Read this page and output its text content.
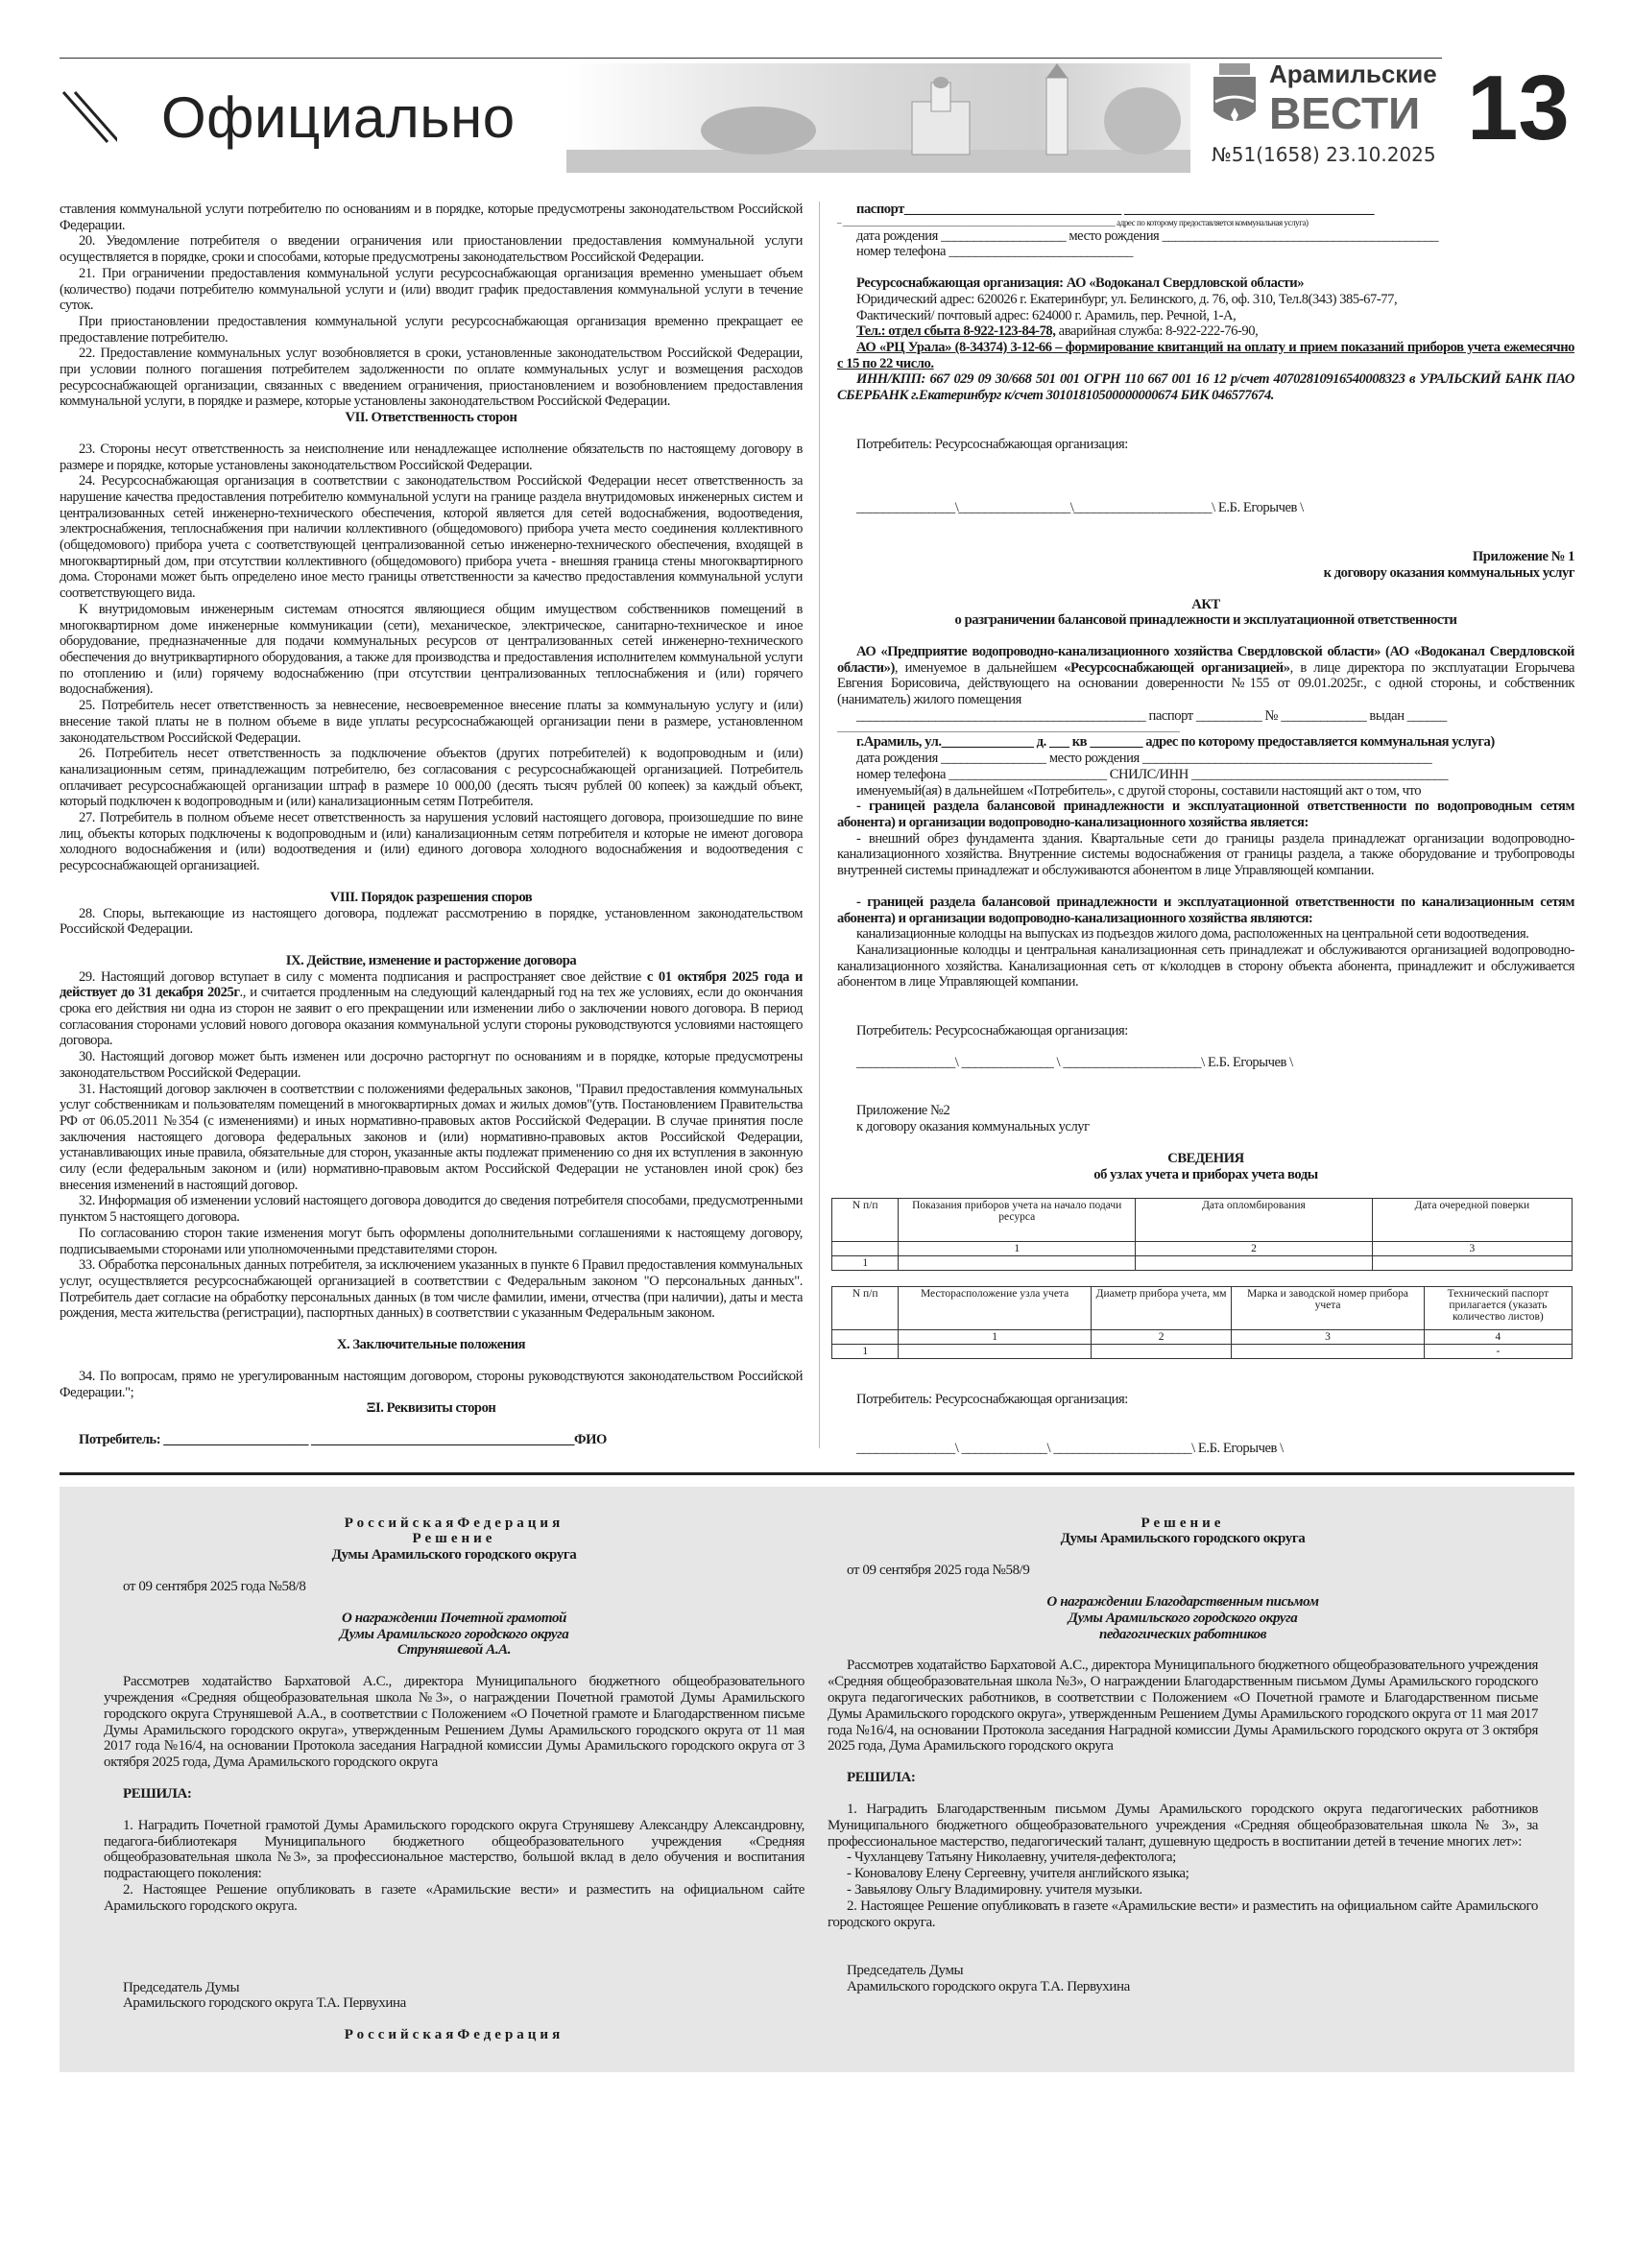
Официально
Арамильские
ВЕСТИ
№51(1658) 23.10.2025 13
ставления коммунальной услуги потребителю по основаниям и в порядке, которые предусмотрены законодательством Российской Федерации.
20. Уведомление потребителя о введении ограничения или приостановлении предоставления коммунальной услуги осуществляется в порядке, сроки и способами, которые предусмотрены законодательством Российской Федерации.
21. При ограничении предоставления коммунальной услуги ресурсоснабжающая организация временно уменьшает объем (количество) подачи потребителю коммунальной услуги и (или) вводит график предоставления коммунальной услуги в течение суток.
При приостановлении предоставления коммунальной услуги ресурсоснабжающая организация временно прекращает ее предоставление потребителю.
22. Предоставление коммунальных услуг возобновляется в сроки, установленные законодательством Российской Федерации, при условии полного погашения потребителем задолженности по оплате коммунальных услуг и возмещения расходов ресурсоснабжающей организации, связанных с введением ограничения, приостановлением и возобновлением предоставления коммунальной услуги, в порядке и размере, которые установлены законодательством Российской Федерации.
VII. Ответственность сторон
23. Стороны несут ответственность за неисполнение или ненадлежащее исполнение обязательств по настоящему договору в размере и порядке, которые установлены законодательством Российской Федерации.
24. Ресурсоснабжающая организация в соответствии с законодательством Российской Федерации несет ответственность за нарушение качества предоставления потребителю коммунальной услуги на границе раздела внутридомовых инженерных систем и централизованных сетей инженерно-технического обеспечения, которой является для сетей водоснабжения, водоотведения, электроснабжения, теплоснабжения при наличии коллективного (общедомового) прибора учета место соединения коллективного (общедомового) прибора учета с соответствующей централизованной сетью инженерно-технического обеспечения, входящей в многоквартирный дом, при отсутствии коллективного (общедомового) прибора учета - внешняя граница стены многоквартирного дома. Сторонами может быть определено иное место границы ответственности за качество предоставления коммунальной услуги соответствующего вида.
К внутридомовым инженерным системам относятся являющиеся общим имуществом собственников помещений в многоквартирном доме инженерные коммуникации (сети), механическое, электрическое, санитарно-техническое и иное оборудование, предназначенные для подачи коммунальных ресурсов от централизованных сетей инженерно-технического обеспечения до внутриквартирного оборудования, а также для производства и предоставления исполнителем коммунальной услуги по отоплению и (или) горячему водоснабжению (при отсутствии централизованных теплоснабжения и (или) горячего водоснабжения).
25. Потребитель несет ответственность за невнесение, несвоевременное внесение платы за коммунальную услугу и (или) внесение такой платы не в полном объеме в виде уплаты ресурсоснабжающей организации пени в размере, установленном законодательством Российской Федерации.
26. Потребитель несет ответственность за подключение объектов (других потребителей) к водопроводным и (или) канализационным сетям, принадлежащим потребителю, без согласования с ресурсоснабжающей организацией. Потребитель оплачивает ресурсоснабжающей организации штраф в размере 10 000,00 (десять тысяч рублей 00 копеек) за каждый объект, который подключен к водопроводным и (или) канализационным сетям Потребителя.
27. Потребитель в полном объеме несет ответственность за нарушения условий настоящего договора, произошедшие по вине лиц, объекты которых подключены к водопроводным и (или) канализационным сетям потребителя и которые не имеют договора холодного водоснабжения и (или) водоотведения и (или) единого договора холодного водоснабжения и водоотведения с ресурсоснабжающей организацией.
VIII. Порядок разрешения споров
28. Споры, вытекающие из настоящего договора, подлежат рассмотрению в порядке, установленном законодательством Российской Федерации.
IX. Действие, изменение и расторжение договора
29. Настоящий договор вступает в силу с момента подписания и распространяет свое действие с 01 октября 2025 года и действует до 31 декабря 2025г., и считается продленным на следующий календарный год на тех же условиях, если до окончания срока его действия ни одна из сторон не заявит о его прекращении или изменении либо о заключении нового договора. В период согласования сторонами условий нового договора оказания коммунальной услуги стороны руководствуются условиями настоящего договора.
30. Настоящий договор может быть изменен или досрочно расторгнут по основаниям и в порядке, которые предусмотрены законодательством Российской Федерации.
31. Настоящий договор заключен в соответствии с положениями федеральных законов, "Правил предоставления коммунальных услуг собственникам и пользователям помещений в многоквартирных домах и жилых домов"(утв. Постановлением Правительства РФ от 06.05.2011 №354 (с изменениями) и иных нормативно-правовых актов Российской Федерации. В случае принятия после заключения настоящего договора федеральных законов и (или) нормативно-правовых актов Российской Федерации, устанавливающих иные правила, обязательные для сторон, указанные акты подлежат применению со дня их вступления в законную силу (если федеральным законом и (или) нормативно-правовым актом Российской Федерации не установлен иной срок) без внесения изменений в настоящий договор.
32. Информация об изменении условий настоящего договора доводится до сведения потребителя способами, предусмотренными пунктом 5 настоящего договора.
По согласованию сторон такие изменения могут быть оформлены дополнительными соглашениями к настоящему договору, подписываемыми сторонами или уполномоченными представителями сторон.
33. Обработка персональных данных потребителя, за исключением указанных в пункте 6 Правил предоставления коммунальных услуг, осуществляется ресурсоснабжающей организацией в соответствии с Федеральным законом "О персональных данных". Потребитель дает согласие на обработку персональных данных (в том числе фамилии, имени, отчества (при наличии), даты и места рождения, места жительства (регистрации), паспортных данных) в соответствии с указанным Федеральным законом.
X. Заключительные положения
34. По вопросам, прямо не урегулированным настоящим договором, стороны руководствуются законодательством Российской Федерации.";
ΞI. Реквизиты сторон
Потребитель: ______________________ ________________________________________ФИО
паспорт_________________________________ ______________________________________
– ______________________________________________________________________ адрес по которому предоставляется коммунальная услуга)
дата рождения ___________________ место рождения __________________________________________
номер телефона ____________________________
Ресурсоснабжающая организация: АО «Водоканал Свердловской области»
Юридический адрес: 620026 г. Екатеринбург, ул. Белинского, д. 76, оф. 310, Тел.8(343) 385-67-77,
Фактический/ почтовый адрес: 624000 г. Арамиль, пер. Речной, 1-А,
Тел.: отдел сбыта 8-922-123-84-78, аварийная служба: 8-922-222-76-90,
АО «РЦ Урала» (8-34374) 3-12-66 – формирование квитанций на оплату и прием показаний приборов учета ежемесячно с 15 по 22 число.
ИНН/КПП: 667 029 09 30/668 501 001 ОГРН 110 667 001 16 12 р/счет 40702810916540008323 в УРАЛЬСКИЙ БАНК ПАО СБЕРБАНК г.Екатеринбург к/счет 30101810500000000674 БИК 046577674.
Потребитель: Ресурсоснабжающая организация:
_______________\_________________\_____________________\ Е.Б. Егорычев \
Приложение № 1
к договору оказания коммунальных услуг
АКТ
о разграничении балансовой принадлежности и эксплуатационной ответственности
АО «Предприятие водопроводно-канализационного хозяйства Свердловской области» (АО «Водоканал Свердловской области»), именуемое в дальнейшем «Ресурсоснабжающей организацией», в лице директора по эксплуатации Егорычева Евгения Борисовича, действующего на основании доверенности №155 от 09.01.2025г., с одной стороны, и собственник (наниматель) жилого помещения
____________________________________________ паспорт __________ № _____________ выдан ______
________________________________________________________________________________________
г.Арамиль, ул.______________ д. ___ кв ________ адрес по которому предоставляется коммунальная услуга)
дата рождения ________________ место рождения ____________________________________________
номер телефона ________________________ СНИЛС/ИНН _______________________________________
именуемый(ая) в дальнейшем «Потребитель», с другой стороны, составили настоящий акт о том, что
- границей раздела балансовой принадлежности и эксплуатационной ответственности по водопроводным сетям абонента) и организации водопроводно-канализационного хозяйства является:
- внешний обрез фундамента здания. Квартальные сети до границы раздела принадлежат организации водопроводно-канализационного хозяйства. Внутренние системы водоснабжения от границы раздела, а также оборудование и трубопроводы внутренней системы принадлежат и обслуживаются абонентом в лице Управляющей компании.
- границей раздела балансовой принадлежности и эксплуатационной ответственности по канализационным сетям абонента) и организации водопроводно-канализационного хозяйства являются:
канализационные колодцы на выпусках из подъездов жилого дома, расположенных на центральной сети водоотведения.
Канализационные колодцы и центральная канализационная сеть принадлежат и обслуживаются организацией водопроводно-канализационного хозяйства. Канализационная сеть от к/колодцев в сторону объекта абонента, принадлежит и обслуживается абонентом в лице Управляющей компании.
Потребитель: Ресурсоснабжающая организация:
_______________\ ______________ \ _____________________\ Е.Б. Егорычев \
Приложение №2
к договору оказания коммунальных услуг
СВЕДЕНИЯ
об узлах учета и приборах учета воды
N п/п	Показания приборов учета на начало подачи ресурса	Дата опломбирования	Дата очередной поверки
	1	2	3
1			
N п/п	Месторасположение узла учета	Диаметр прибора учета, мм	Марка и заводской номер прибора учета	Технический паспорт прилагается (указать количество листов)
	1	2	3	4
1				-
Потребитель: Ресурсоснабжающая организация:
_______________\ _____________\ _____________________\ Е.Б. Егорычев \
РоссийскаяФедерация
Решение
Думы Арамильского городского округа
от 09 сентября 2025 года №58/8
О награждении Почетной грамотой
Думы Арамильского городского округа
Струняшевой А.А.
Рассмотрев ходатайство Бархатовой А.С., директора Муниципального бюджетного общеобразовательного учреждения «Средняя общеобразовательная школа №3», о награждении Почетной грамотой Думы Арамильского городского округа Струняшевой А.А., в соответствии с Положением «О Почетной грамоте и Благодарственном письме Думы Арамильского городского округа», утвержденным Решением Думы Арамильского городского округа от 11 мая 2017 года №16/4, на основании Протокола заседания Наградной комиссии Думы Арамильского городского округа от 3 октября 2025 года, Дума Арамильского городского округа
РЕШИЛА:
1. Наградить Почетной грамотой Думы Арамильского городского округа Струняшеву Александру Александровну, педагога-библиотекаря Муниципального бюджетного общеобразовательного учреждения «Средняя общеобразовательная школа №3», за профессиональное мастерство, большой вклад в дело обучения и воспитания подрастающего поколения:
2. Настоящее Решение опубликовать в газете «Арамильские вести» и разместить на официальном сайте Арамильского городского округа.
Председатель Думы
Арамильского городского округа Т.А. Первухина
РоссийскаяФедерация
Решение
Думы Арамильского городского округа
от 09 сентября 2025 года №58/9
О награждении Благодарственным письмом
Думы Арамильского городского округа
педагогических работников
Рассмотрев ходатайство Бархатовой А.С., директора Муниципального бюджетного общеобразовательного учреждения «Средняя общеобразовательная школа №3», О награждении Благодарственным письмом Думы Арамильского городского округа педагогических работников, в соответствии с Положением «О Почетной грамоте и Благодарственном письме Думы Арамильского городского округа», утвержденным Решением Думы Арамильского городского округа от 11 мая 2017 года №16/4, на основании Протокола заседания Наградной комиссии Думы Арамильского городского округа от 3 октября 2025 года, Дума Арамильского городского округа
РЕШИЛА:
1. Наградить Благодарственным письмом Думы Арамильского городского округа педагогических работников Муниципального бюджетного общеобразовательного учреждения «Средняя общеобразовательная школа № 3», за профессиональное мастерство, педагогический талант, душевную щедрость в воспитании детей в течение многих лет»:
- Чухланцеву Татьяну Николаевну, учителя-дефектолога;
- Коновалову Елену Сергеевну, учителя английского языка;
- Завьялову Ольгу Владимировну. учителя музыки.
2. Настоящее Решение опубликовать в газете «Арамильские вести» и разместить на официальном сайте Арамильского городского округа.
Председатель Думы
Арамильского городского округа Т.А. Первухина
